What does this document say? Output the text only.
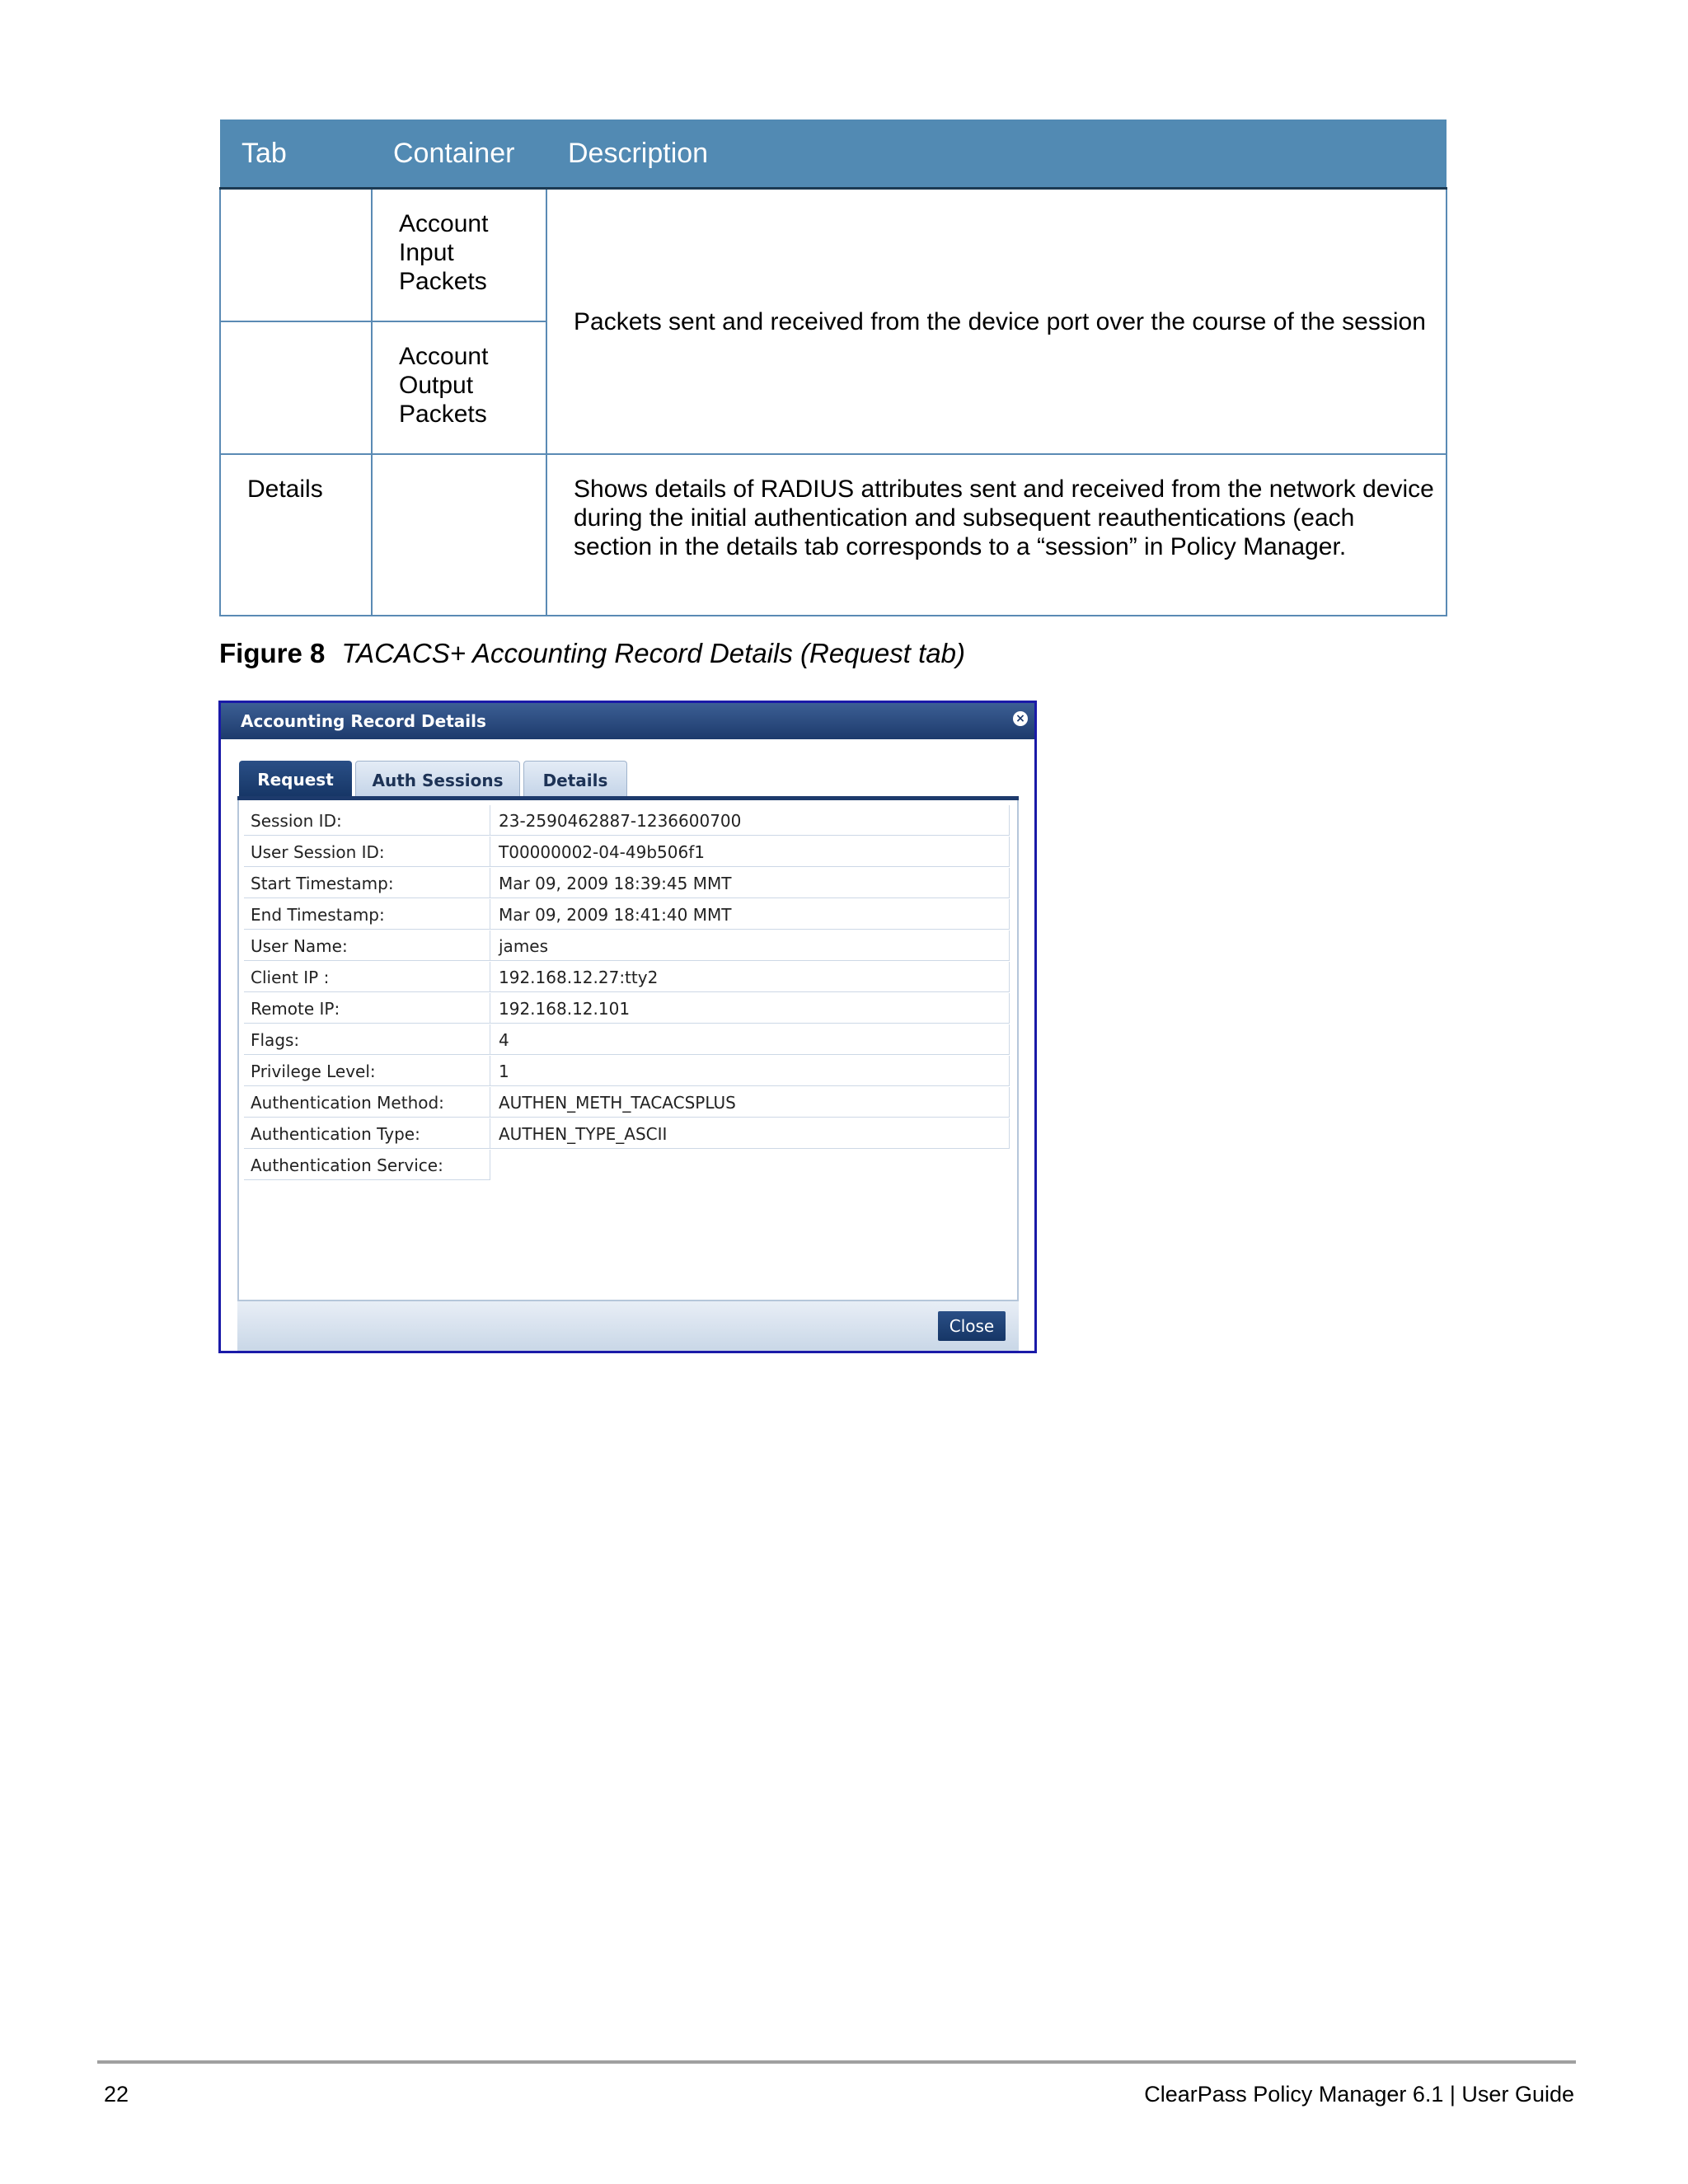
Tab	Container	Description
	Account Input Packets	Packets sent and received from the device port over the course of the session
	Account Output Packets	
Details		Shows details of RADIUS attributes sent and received from the network device during the initial authentication and subsequent reauthentications (each section in the details tab corresponds to a “session” in Policy Manager.
Figure 8 TACACS+ Accounting Record Details (Request tab)
Accounting Record Details	×
Request	Auth Sessions	Details
Session ID:	23-2590462887-1236600700
User Session ID:	T00000002-04-49b506f1
Start Timestamp:	Mar 09, 2009 18:39:45 MMT
End Timestamp:	Mar 09, 2009 18:41:40 MMT
User Name:	james
Client IP :	192.168.12.27:tty2
Remote IP:	192.168.12.101
Flags:	4
Privilege Level:	1
Authentication Method:	AUTHEN_METH_TACACSPLUS
Authentication Type:	AUTHEN_TYPE_ASCII
Authentication Service:
Close
22	ClearPass Policy Manager 6.1 | User Guide
